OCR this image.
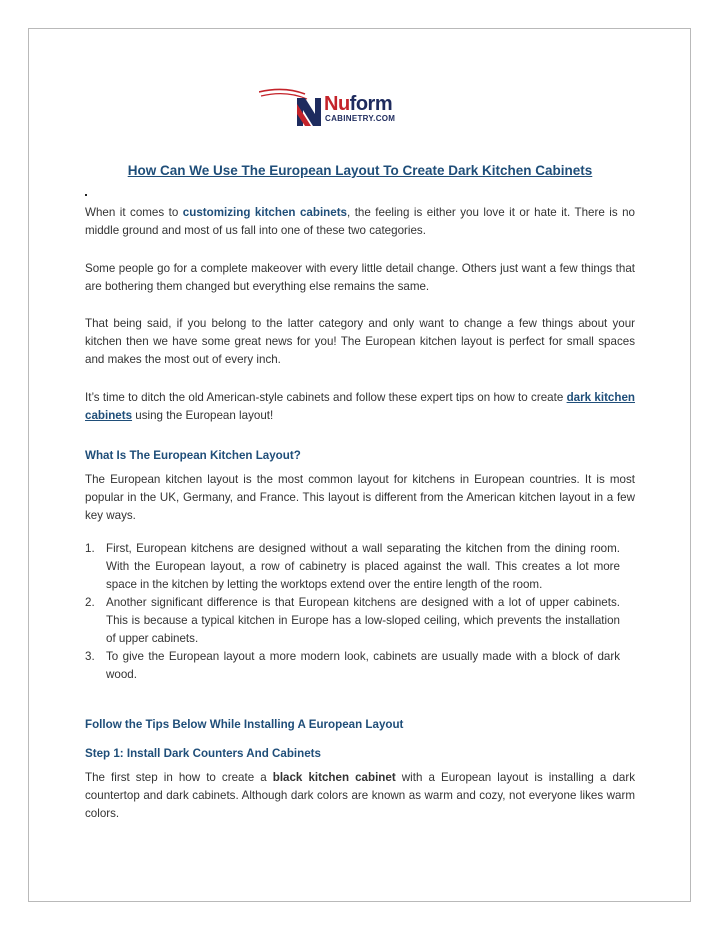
Nuform
CABINETRY.COM
How Can We Use The European Layout To Create Dark Kitchen Cabinets

When it comes to customizing kitchen cabinets, the feeling is either you love it or hate it. There is no middle ground and most of us fall into one of these two categories.

Some people go for a complete makeover with every little detail change. Others just want a few things that are bothering them changed but everything else remains the same.

That being said, if you belong to the latter category and only want to change a few things about your kitchen then we have some great news for you! The European kitchen layout is perfect for small spaces and makes the most out of every inch.

It’s time to ditch the old American-style cabinets and follow these expert tips on how to create dark kitchen cabinets using the European layout!

What Is The European Kitchen Layout?

The European kitchen layout is the most common layout for kitchens in European countries. It is most popular in the UK, Germany, and France. This layout is different from the American kitchen layout in a few key ways.

1. First, European kitchens are designed without a wall separating the kitchen from the dining room. With the European layout, a row of cabinetry is placed against the wall. This creates a lot more space in the kitchen by letting the worktops extend over the entire length of the room.
2. Another significant difference is that European kitchens are designed with a lot of upper cabinets. This is because a typical kitchen in Europe has a low-sloped ceiling, which prevents the installation of upper cabinets.
3. To give the European layout a more modern look, cabinets are usually made with a block of dark wood.
Follow the Tips Below While Installing A European Layout
Step 1: Install Dark Counters And Cabinets

The first step in how to create a black kitchen cabinet with a European layout is installing a dark countertop and dark cabinets. Although dark colors are known as warm and cozy, not everyone likes warm colors.
